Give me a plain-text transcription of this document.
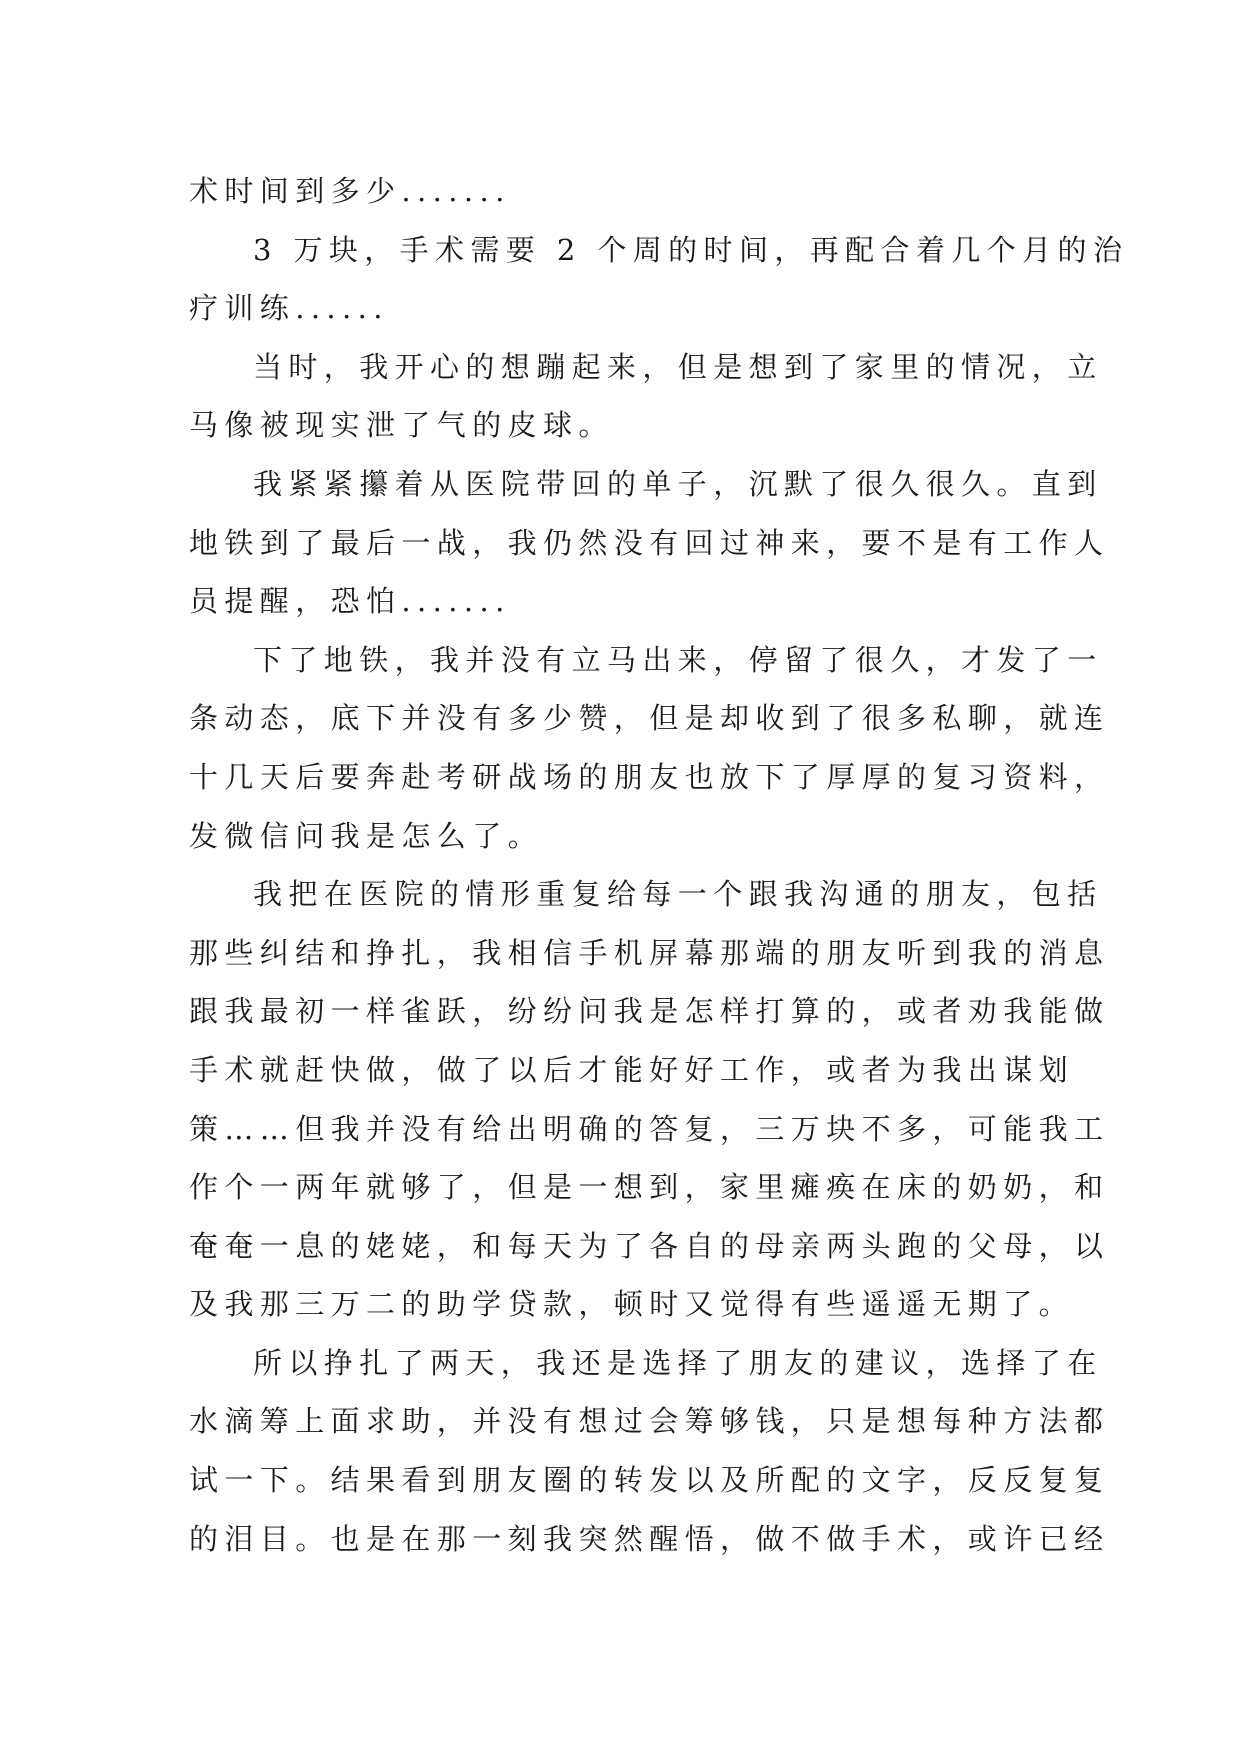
术时间到多少.......
3 万块，手术需要 2 个周的时间，再配合着几个月的治
疗训练......
当时，我开心的想蹦起来，但是想到了家里的情况，立
马像被现实泄了气的皮球。
我紧紧攥着从医院带回的单子，沉默了很久很久。直到
地铁到了最后一战，我仍然没有回过神来，要不是有工作人
员提醒，恐怕.......
下了地铁，我并没有立马出来，停留了很久，才发了一
条动态，底下并没有多少赞，但是却收到了很多私聊，就连
十几天后要奔赴考研战场的朋友也放下了厚厚的复习资料，
发微信问我是怎么了。
我把在医院的情形重复给每一个跟我沟通的朋友，包括
那些纠结和挣扎，我相信手机屏幕那端的朋友听到我的消息
跟我最初一样雀跃，纷纷问我是怎样打算的，或者劝我能做
手术就赶快做，做了以后才能好好工作，或者为我出谋划
策……但我并没有给出明确的答复，三万块不多，可能我工
作个一两年就够了，但是一想到，家里瘫痪在床的奶奶，和
奄奄一息的姥姥，和每天为了各自的母亲两头跑的父母，以
及我那三万二的助学贷款，顿时又觉得有些遥遥无期了。
所以挣扎了两天，我还是选择了朋友的建议，选择了在
水滴筹上面求助，并没有想过会筹够钱，只是想每种方法都
试一下。结果看到朋友圈的转发以及所配的文字，反反复复
的泪目。也是在那一刻我突然醒悟，做不做手术，或许已经
